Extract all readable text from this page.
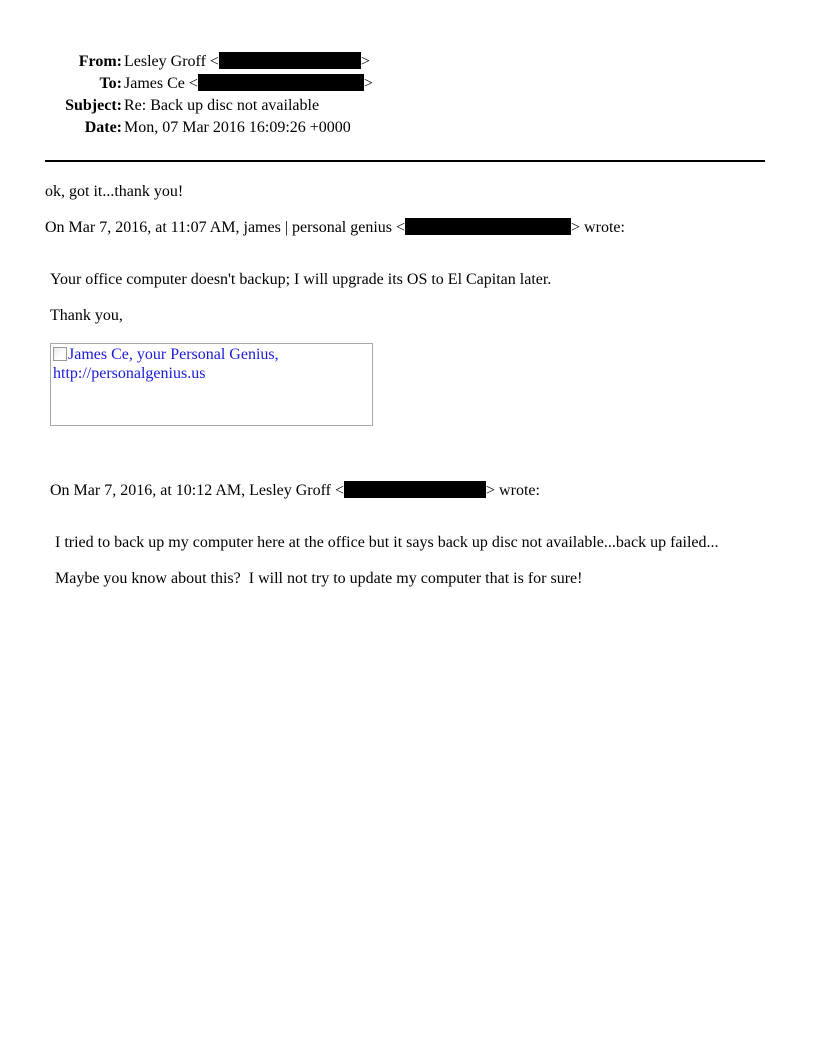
From: Lesley Groff <	>
To: James Ce <	>
Subject: Re: Back up disc not available
Date: Mon, 07 Mar 2016 16:09:26 +0000
ok, got it...thank you!
On Mar 7, 2016, at 11:07 AM, james | personal genius <	> wrote:
Your office computer doesn't backup; I will upgrade its OS to El Capitan later.
Thank you,
James Ce, your Personal Genius,
http://personalgenius.us
On Mar 7, 2016, at 10:12 AM, Lesley Groff <	> wrote:
I tried to back up my computer here at the office but it says back up disc not available...back up failed...
Maybe you know about this?  I will not try to update my computer that is for sure!
